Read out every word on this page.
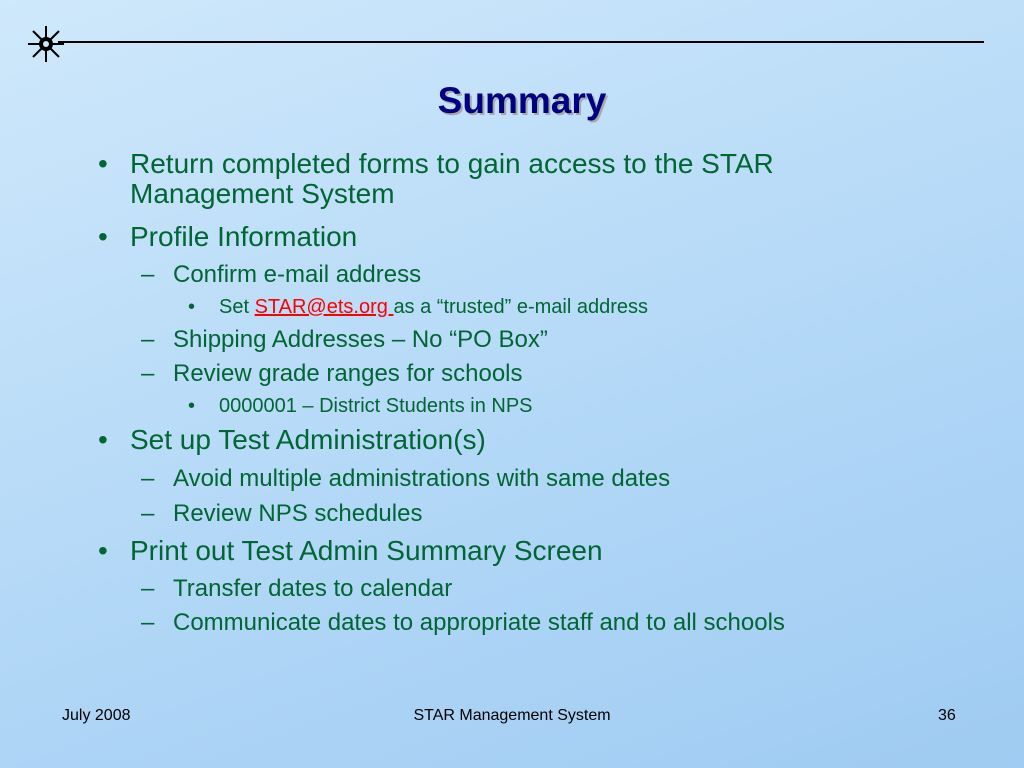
Summary
• Return completed forms to gain access to the STAR
Management System
• Profile Information
– Confirm e-mail address
• Set STAR@ets.org as a “trusted” e-mail address
– Shipping Addresses – No “PO Box”
– Review grade ranges for schools
• 0000001 – District Students in NPS
• Set up Test Administration(s)
– Avoid multiple administrations with same dates
– Review NPS schedules
• Print out Test Admin Summary Screen
– Transfer dates to calendar
– Communicate dates to appropriate staff and to all schools
July 2008	STAR Management System	36
